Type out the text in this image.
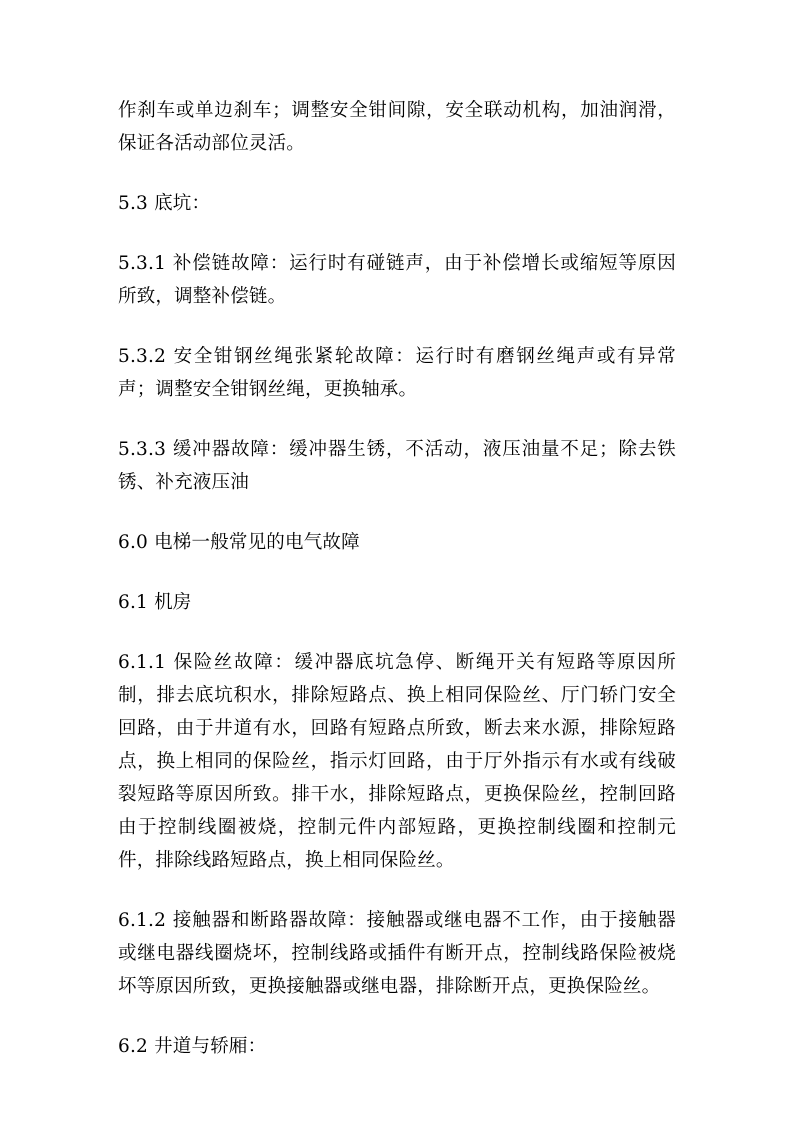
作刹车或单边刹车；调整安全钳间隙，安全联动机构，加油润滑，保证各活动部位灵活。

5.3 底坑：

5.3.1 补偿链故障：运行时有碰链声，由于补偿增长或缩短等原因所致，调整补偿链。

5.3.2 安全钳钢丝绳张紧轮故障：运行时有磨钢丝绳声或有异常声；调整安全钳钢丝绳，更换轴承。

5.3.3 缓冲器故障：缓冲器生锈，不活动，液压油量不足；除去铁锈、补充液压油

6.0 电梯一般常见的电气故障

6.1 机房

6.1.1 保险丝故障：缓冲器底坑急停、断绳开关有短路等原因所制，排去底坑积水，排除短路点、换上相同保险丝、厅门轿门安全回路，由于井道有水，回路有短路点所致，断去来水源，排除短路点，换上相同的保险丝，指示灯回路，由于厅外指示有水或有线破裂短路等原因所致。排干水，排除短路点，更换保险丝，控制回路由于控制线圈被烧，控制元件内部短路，更换控制线圈和控制元件，排除线路短路点，换上相同保险丝。

6.1.2 接触器和断路器故障：接触器或继电器不工作，由于接触器或继电器线圈烧坏，控制线路或插件有断开点，控制线路保险被烧坏等原因所致，更换接触器或继电器，排除断开点，更换保险丝。

6.2 井道与轿厢：
